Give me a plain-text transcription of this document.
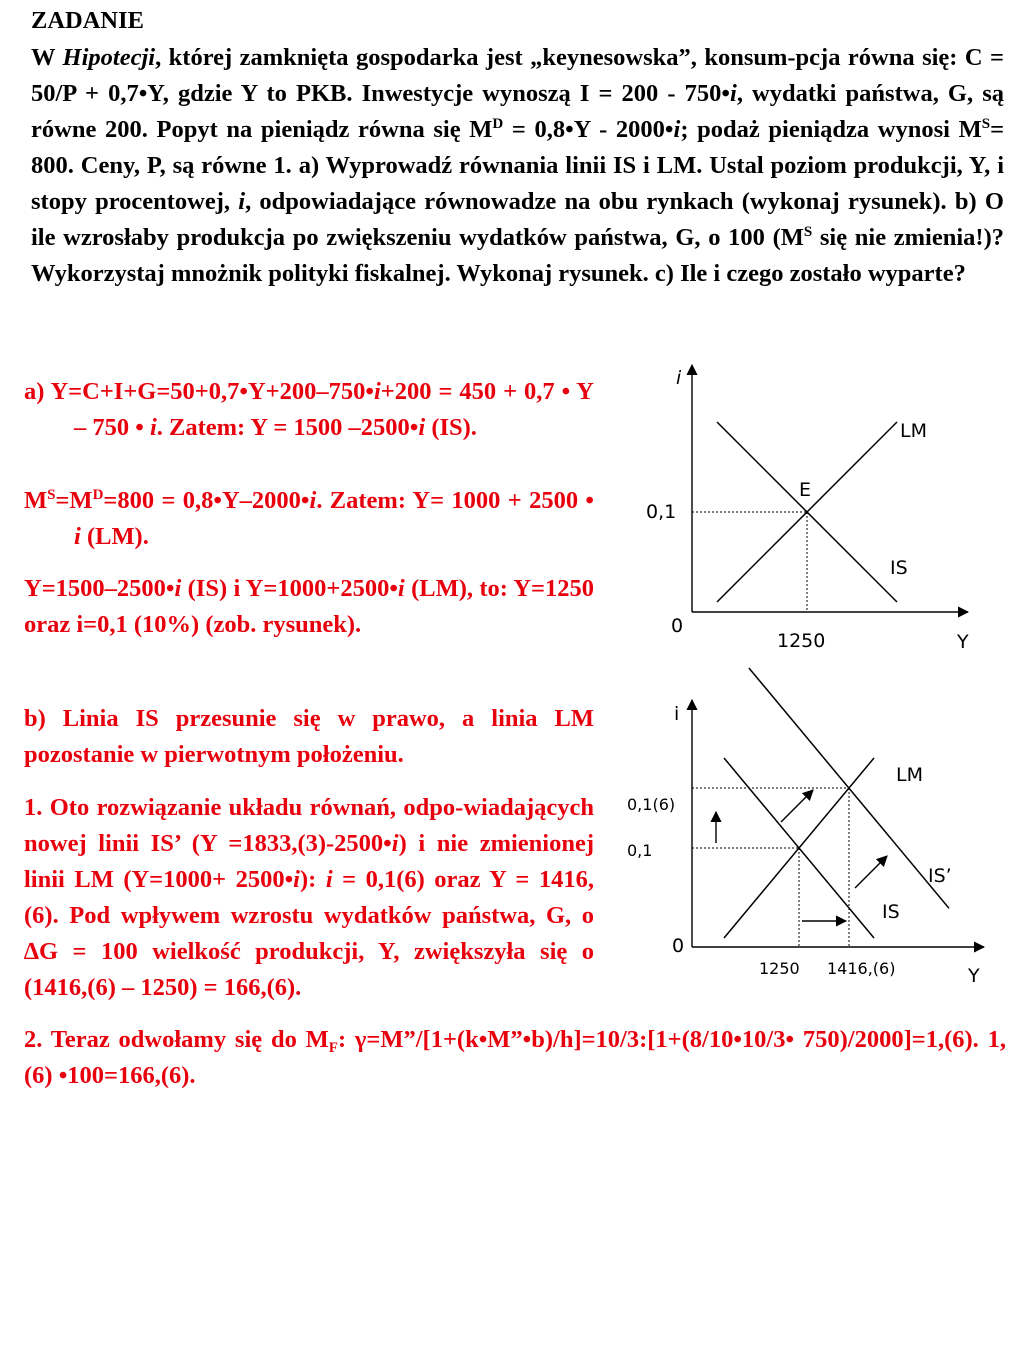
ZADANIE
W Hipotecji, której zamknięta gospodarka jest „keynesowska”, konsum-pcja równa się: C = 50/P + 0,7•Y, gdzie Y to PKB. Inwestycje wynoszą I = 200 - 750•i, wydatki państwa, G, są równe 200. Popyt na pieniądz równa się $M^D$ = 0,8•Y - 2000•i; podaż pieniądza wynosi $M^S= 800$. Ceny, P, są równe 1. a) Wyprowadź równania linii IS i LM. Ustal poziom produkcji, Y, i stopy procentowej, i, odpowiadające równowadze na obu rynkach (wykonaj rysunek). b) O ile wzrosłaby produkcja po zwiększeniu wydatków państwa, G, o 100 ($M^S$ się nie zmienia!)? Wykorzystaj mnożnik polityki fiskalnej. Wykonaj rysunek. c) Ile i czego zostało wyparte?
a) Y=C+I+G=50+0,7•Y+200–750•i+200 = 450 + 0,7 • Y – 750 • i. Zatem: Y = 1500 –2500•i (IS).
$M^S=M^D=800$ = 0,8•Y–2000•i. Zatem: Y= 1000 + 2500 • i (LM).
Y=1500–2500•i (IS) i Y=1000+2500•i (LM), to: Y=1250 oraz i=0,1 (10%) (zob. rysunek).
b) Linia IS przesunie się w prawo, a linia LM pozostanie w pierwotnym położeniu.
1. Oto rozwiązanie układu równań, odpo-wiadających nowej linii IS’ (Y =1833,(3)-2500•i) i nie zmienionej linii LM (Y=1000+ 2500•i): i = 0,1(6) oraz Y = 1416,(6). Pod wpływem wzrostu wydatków państwa, G, o ∆G = 100 wielkość produkcji, Y, zwiększyła się o (1416,(6) – 1250) = 166,(6).
2. Teraz odwołamy się do $M_F$: γ=M”/[1+(k•M”•b)/h]=10/3:[1+(8/10•10/3• 750)/2000]=1,(6). 1,(6) •100=166,(6).
i
Y
0
LM
IS
E
0,1
1250
i
Y
0
LM
IS
IS’
0,1(6)
0,1
1250 1416,(6)
